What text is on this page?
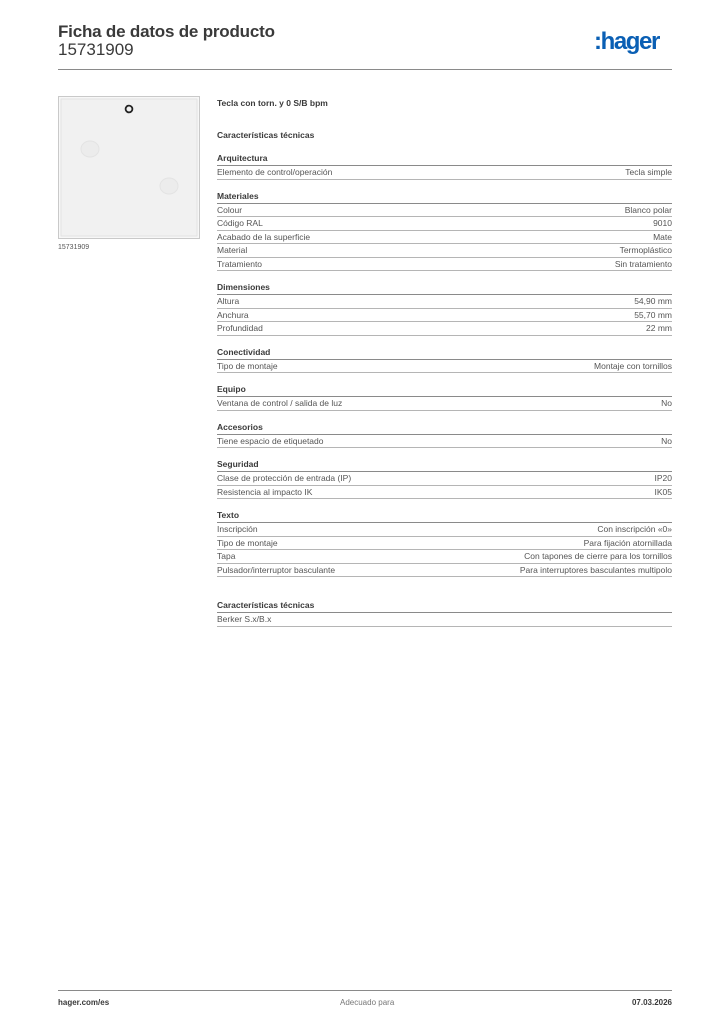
Ficha de datos de producto
15731909	:hager
15731909
Tecla con torn. y 0 S/B bpm
Características técnicas
Arquitectura
Elemento de control/operación	Tecla simple
Materiales
Colour	Blanco polar
Código RAL	9010
Acabado de la superficie	Mate
Material	Termoplástico
Tratamiento	Sin tratamiento
Dimensiones
Altura	54,90 mm
Anchura	55,70 mm
Profundidad	22 mm
Conectividad
Tipo de montaje	Montaje con tornillos
Equipo
Ventana de control / salida de luz	No
Accesorios
Tiene espacio de etiquetado	No
Seguridad
Clase de protección de entrada (IP)	IP20
Resistencia al impacto IK	IK05
Texto
Inscripción	Con inscripción «0»
Tipo de montaje	Para fijación atornillada
Tapa	Con tapones de cierre para los tornillos
Pulsador/interruptor basculante	Para interruptores basculantes multipolo
Características técnicas
Berker S.x/B.x
hager.com/es	Adecuado para	07.03.2026
